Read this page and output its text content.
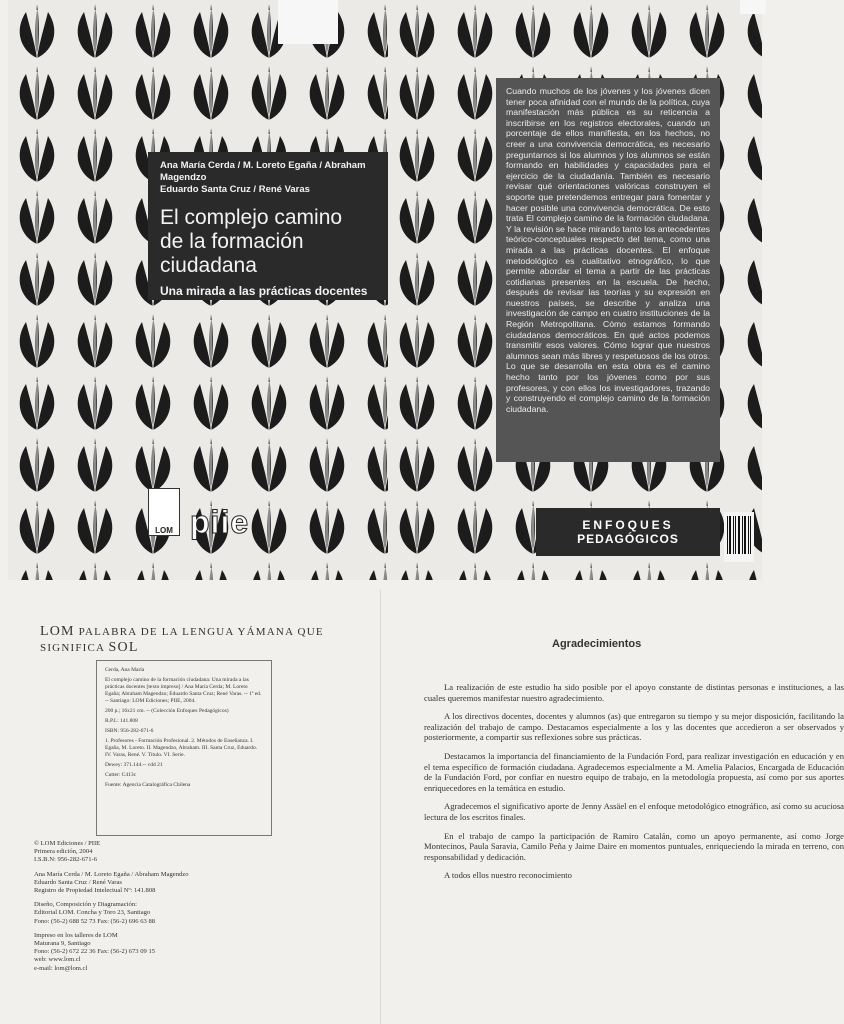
Ana María Cerda / M. Loreto Egaña / Abraham Magendzo
Eduardo Santa Cruz / René Varas
El complejo camino
de la formación
ciudadana
Una mirada a las prácticas docentes
LOM piie
Cuando muchos de los jóvenes y los jóvenes dicen tener poca afinidad con el mundo de la política, cuya manifestación más pública es su reticencia a inscribirse en los registros electorales, cuando un porcentaje de ellos manifiesta, en los hechos, no creer a una convivencia democrática, es necesario preguntarnos si los alumnos y los alumnos se están formando en habilidades y capacidades para el ejercicio de la ciudadanía. También es necesario revisar qué orientaciones valóricas construyen el soporte que pretendemos entregar para fomentar y hacer posible una convivencia democrática. De esto trata El complejo camino de la formación ciudadana. Y la revisión se hace mirando tanto los antecedentes teórico-conceptuales respecto del tema, como una mirada a las prácticas docentes. El enfoque metodológico es cualitativo etnográfico, lo que permite abordar el tema a partir de las prácticas cotidianas presentes en la escuela. De hecho, después de revisar las teorías y su expresión en nuestros países, se describe y analiza una investigación de campo en cuatro instituciones de la Región Metropolitana. Cómo estamos formando ciudadanos democráticos. En qué actos podemos transmitir esos valores. Cómo lograr que nuestros alumnos sean más libres y respetuosos de los otros. Lo que se desarrolla en esta obra es el camino hecho tanto por los jóvenes como por sus profesores, y con ellos los investigadores, trazando y construyendo el complejo camino de la formación ciudadana.
ENFOQUES
PEDAGÓGICOS
LOM PALABRA DE LA LENGUA YÁMANA QUE SIGNIFICA SOL

Cerda, Ana María

El complejo camino de la formación ciudadana: Una mirada a las prácticas docentes [texto impreso] / Ana María Cerda; M. Loreto Egaña; Abraham Magendzo; Eduardo Santa Cruz; René Varas. -- 1ª ed. -- Santiago: LOM Ediciones; PIIE, 2004.

200 p.; 16x21 cm. -- (Colección Enfoques Pedagógicos)

R.P.I.: 141.808

ISBN: 956-282-671-6

1. Profesores - Formación Profesional. 2. Métodos de Enseñanza. I. Egaña, M. Loreto. II. Magendzo, Abraham. III. Santa Cruz, Eduardo. IV. Varas, René. V. Título. VI. Serie.

Dewey: 371.144.-- cdd 21

Cutter: C413c

Fuente: Agencia Catalográfica Chilena

© LOM Ediciones / PIIE
Primera edición, 2004
I.S.B.N: 956-282-671-6

Ana María Cerda / M. Loreto Egaña / Abraham Magendzo
Eduardo Santa Cruz / René Varas
Registro de Propiedad Intelectual Nº: 141.808

Diseño, Composición y Diagramación:
Editorial LOM. Concha y Toro 23, Santiago
Fono: (56-2) 688 52 73 Fax: (56-2) 696 63 88

Impreso en los talleres de LOM
Maturana 9, Santiago
Fono: (56-2) 672 22 36 Fax: (56-2) 673 09 15
web: www.lom.cl
e-mail: lom@lom.cl

Agradecimientos

La realización de este estudio ha sido posible por el apoyo constante de distintas personas e instituciones, a las cuales queremos manifestar nuestro agradecimiento.

A los directivos docentes, docentes y alumnos (as) que entregaron su tiempo y su mejor disposición, facilitando la realización del trabajo de campo. Destacamos especialmente a los y las docentes que accedieron a ser observados y posteriormente, a compartir sus reflexiones sobre sus prácticas.

Destacamos la importancia del financiamiento de la Fundación Ford, para realizar investigación en educación y en el tema específico de formación ciudadana. Agradecemos especialmente a M. Amelia Palacios, Encargada de Educación de la Fundación Ford, por confiar en nuestro equipo de trabajo, en la metodología propuesta, así como por sus aportes enriquecedores en la temática en estudio.

Agradecemos el significativo aporte de Jenny Assäel en el enfoque metodológico etnográfico, así como su acuciosa lectura de los escritos finales.

En el trabajo de campo la participación de Ramiro Catalán, como un apoyo permanente, así como Jorge Montecinos, Paula Saravia, Camilo Peña y Jaime Daire en momentos puntuales, enriqueciendo la mirada en terreno, con responsabilidad y dedicación.

A todos ellos nuestro reconocimiento
